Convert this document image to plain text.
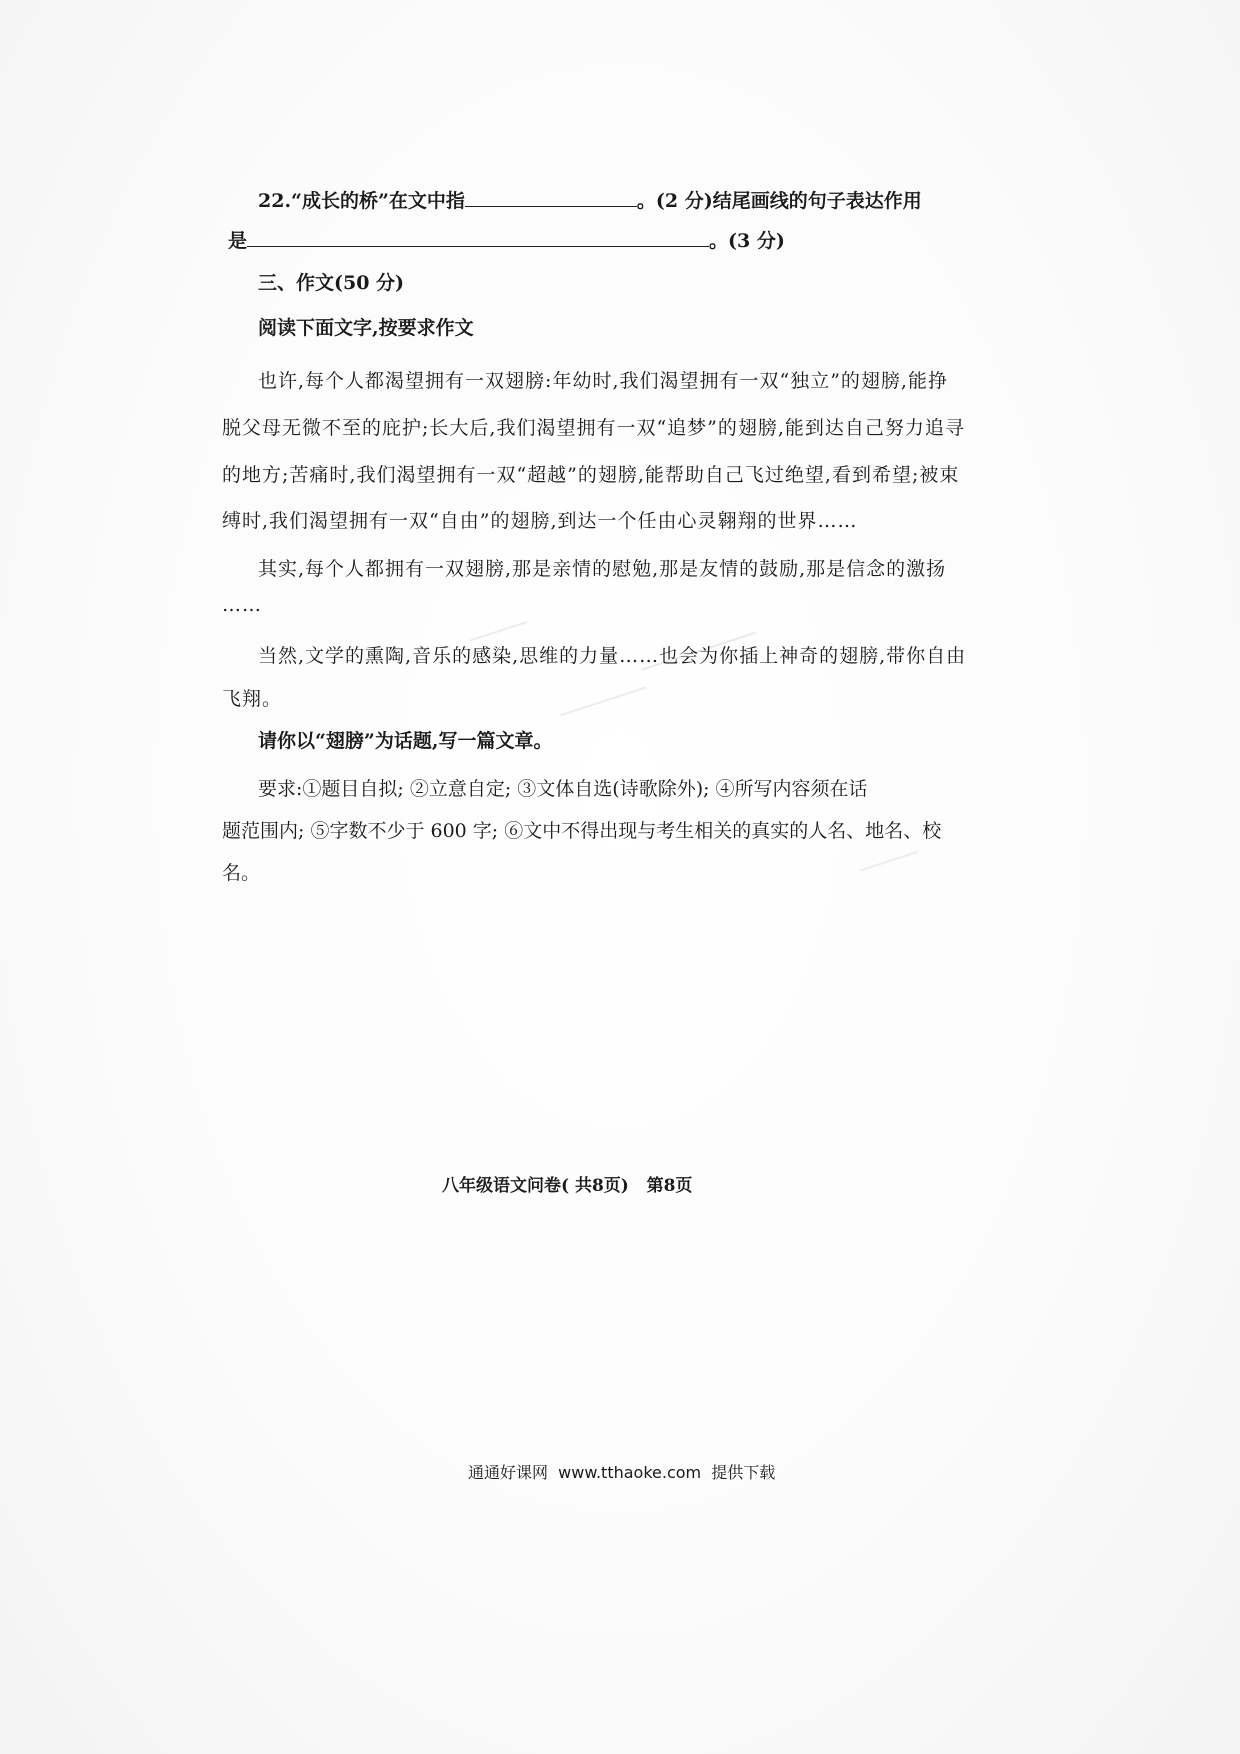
22.“成长的桥”在文中指	。(2 分)结尾画线的句子表达作用
是	。(3 分)
三、作文(50 分)
阅读下面文字,按要求作文
也许,每个人都渴望拥有一双翅膀:年幼时,我们渴望拥有一双“独立”的翅膀,能挣
脱父母无微不至的庇护;长大后,我们渴望拥有一双“追梦”的翅膀,能到达自己努力追寻
的地方;苦痛时,我们渴望拥有一双“超越”的翅膀,能帮助自己飞过绝望,看到希望;被束
缚时,我们渴望拥有一双“自由”的翅膀,到达一个任由心灵翱翔的世界……
其实,每个人都拥有一双翅膀,那是亲情的慰勉,那是友情的鼓励,那是信念的激扬
……
当然,文学的熏陶,音乐的感染,思维的力量……也会为你插上神奇的翅膀,带你自由
飞翔。
请你以“翅膀”为话题,写一篇文章。
要求:①题目自拟; ②立意自定; ③文体自选(诗歌除外); ④所写内容须在话
题范围内; ⑤字数不少于 600 字; ⑥文中不得出现与考生相关的真实的人名、地名、校
名。
八年级语文问卷( 共8页)   第8页
通通好课网  www.tthaoke.com  提供下载
